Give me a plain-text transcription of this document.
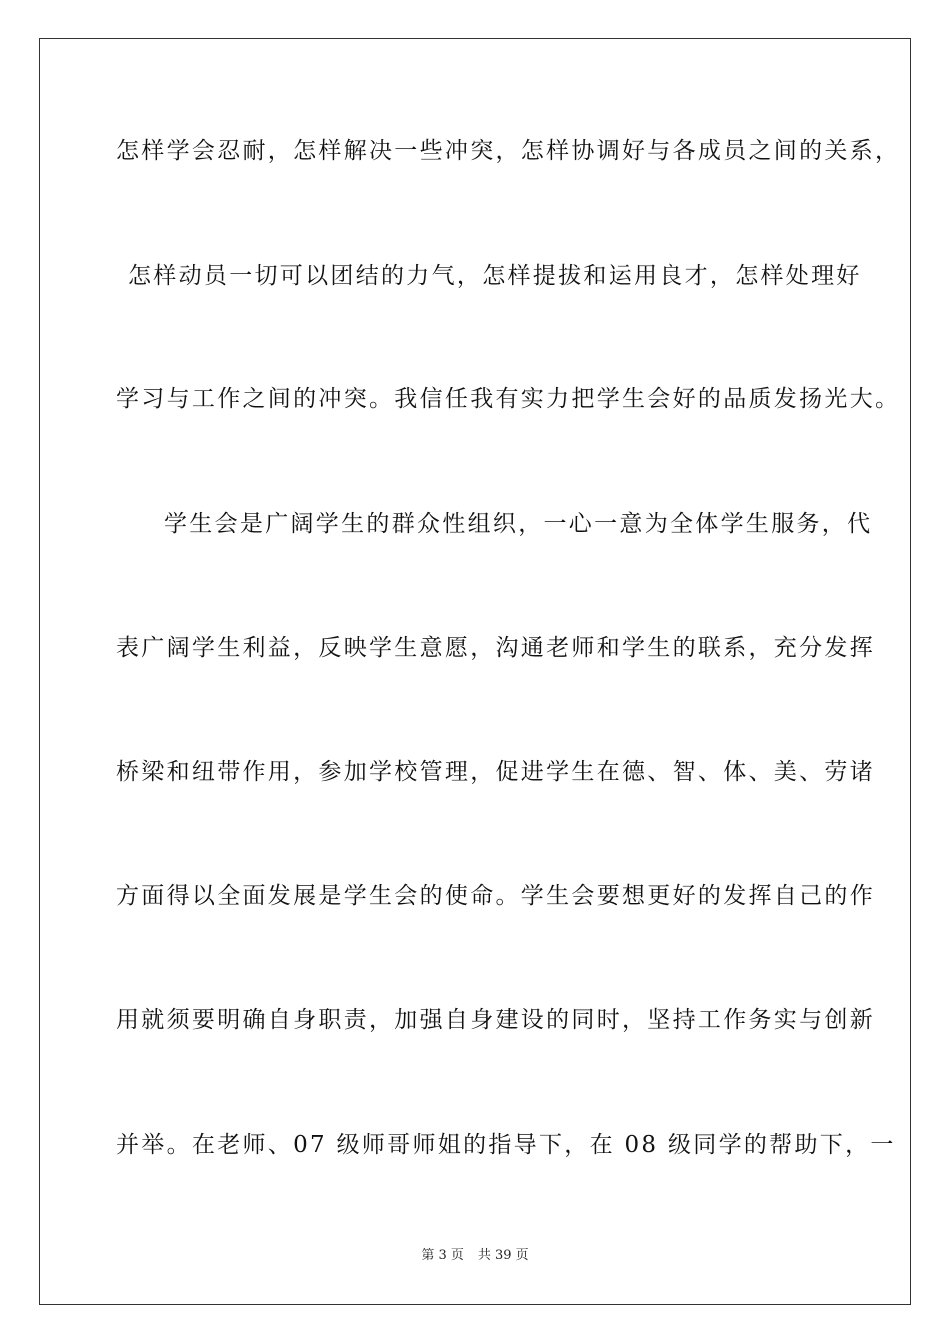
怎样学会忍耐，怎样解决一些冲突，怎样协调好与各成员之间的关系，
怎样动员一切可以团结的力气，怎样提拔和运用良才，怎样处理好
学习与工作之间的冲突。我信任我有实力把学生会好的品质发扬光大。
学生会是广阔学生的群众性组织，一心一意为全体学生服务，代
表广阔学生利益，反映学生意愿，沟通老师和学生的联系，充分发挥
桥梁和纽带作用，参加学校管理，促进学生在德、智、体、美、劳诸
方面得以全面发展是学生会的使命。学生会要想更好的发挥自己的作
用就须要明确自身职责，加强自身建设的同时，坚持工作务实与创新
并举。在老师、07 级师哥师姐的指导下，在 08 级同学的帮助下，一
第 3 页 共 39 页
